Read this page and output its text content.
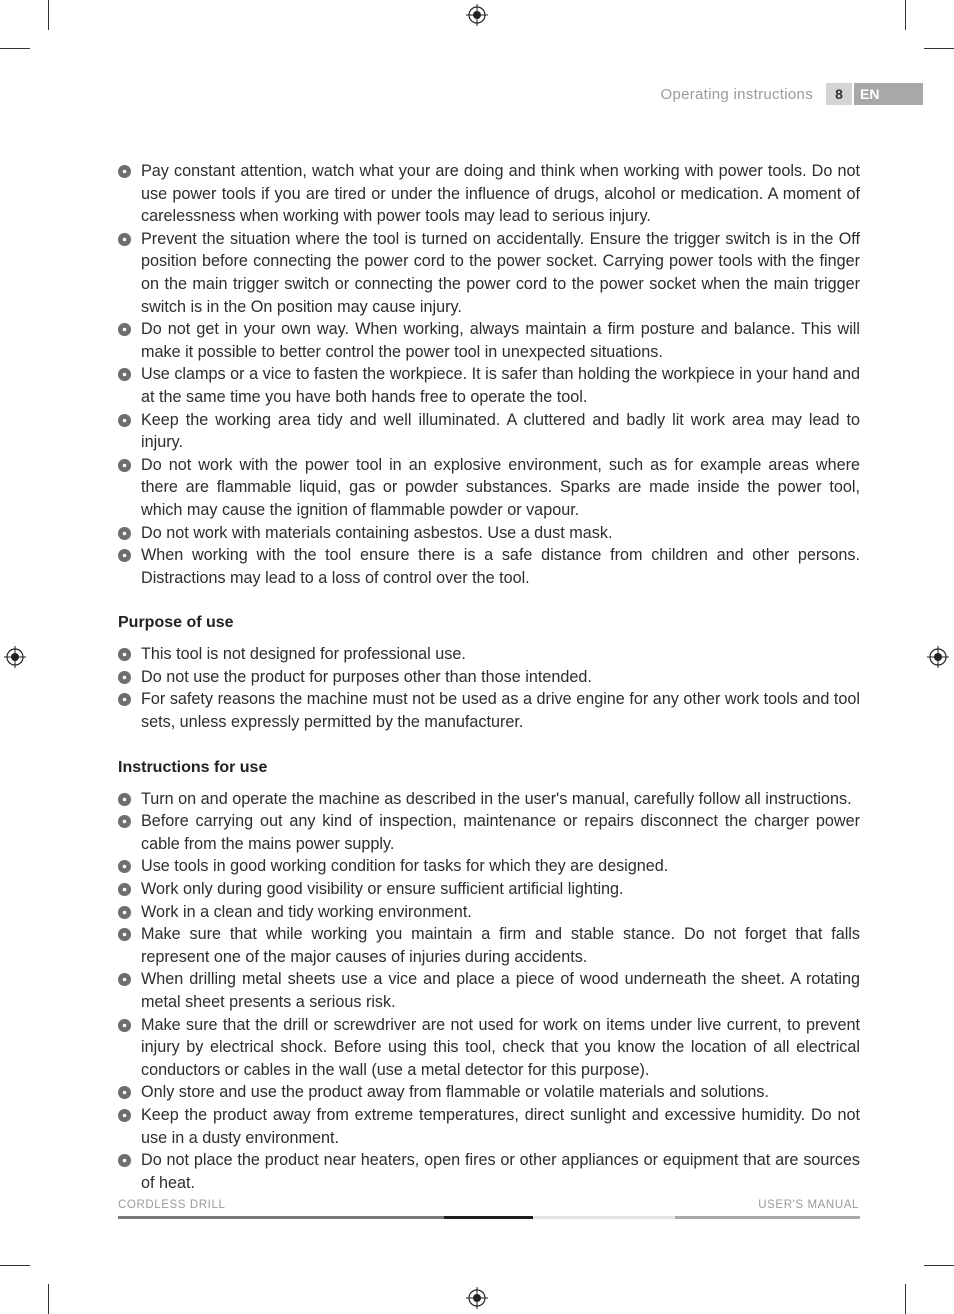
Operating instructions	8	EN
Pay constant attention, watch what your are doing and think when working with power tools. Do not use power tools if you are tired or under the influence of drugs, alcohol or medication. A moment of carelessness when working with power tools may lead to serious injury.
Prevent the situation where the tool is turned on accidentally. Ensure the trigger switch is in the Off position before connecting the power cord to the power socket. Carrying power tools with the finger on the main trigger switch or connecting the power cord to the power socket when the main trigger switch is in the On position may cause injury.
Do not get in your own way. When working, always maintain a firm posture and balance. This will make it possible to better control the power tool in unexpected situations.
Use clamps or a vice to fasten the workpiece. It is safer than holding the workpiece in your hand and at the same time you have both hands free to operate the tool.
Keep the working area tidy and well illuminated. A cluttered and badly lit work area may lead to injury.
Do not work with the power tool in an explosive environment, such as for example areas where there are flammable liquid, gas or powder substances. Sparks are made inside the power tool, which may cause the ignition of flammable powder or vapour.
Do not work with materials containing asbestos. Use a dust mask.
When working with the tool ensure there is a safe distance from children and other persons. Distractions may lead to a loss of control over the tool.
Purpose of use
This tool is not designed for professional use.
Do not use the product for purposes other than those intended.
For safety reasons the machine must not be used as a drive engine for any other work tools and tool sets, unless expressly permitted by the manufacturer.
Instructions for use
Turn on and operate the machine as described in the user's manual, carefully follow all instructions.
Before carrying out any kind of inspection, maintenance or repairs disconnect the charger power cable from the mains power supply.
Use tools in good working condition for tasks for which they are designed.
Work only during good visibility or ensure sufficient artificial lighting.
Work in a clean and tidy working environment.
Make sure that while working you maintain a firm and stable stance. Do not forget that falls represent one of the major causes of injuries during accidents.
When drilling metal sheets use a vice and place a piece of wood underneath the sheet. A rotating metal sheet presents a serious risk.
Make sure that the drill or screwdriver are not used for work on items under live current, to prevent injury by electrical shock. Before using this tool, check that you know the location of all electrical conductors or cables in the wall (use a metal detector for this purpose).
Only store and use the product away from flammable or volatile materials and solutions.
Keep the product away from extreme temperatures, direct sunlight and excessive humidity. Do not use in a dusty environment.
Do not place the product near heaters, open fires or other appliances or equipment that are sources of heat.
CORDLESS DRILL	USER'S MANUAL
